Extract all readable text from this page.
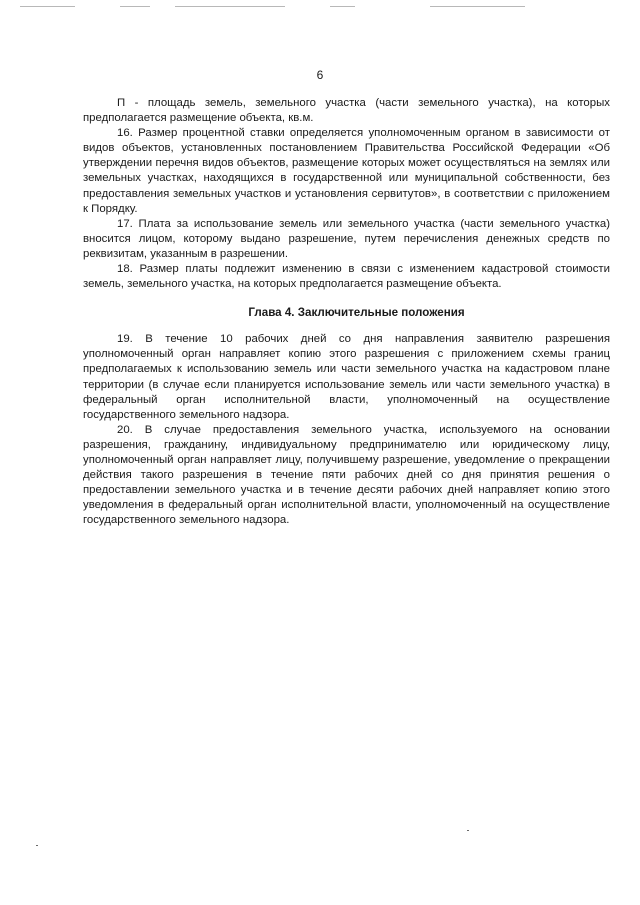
6

П - площадь земель, земельного участка (части земельного участка), на которых предполагается размещение объекта, кв.м.

16. Размер процентной ставки определяется уполномоченным органом в зависимости от видов объектов, установленных постановлением Правительства Российской Федерации «Об утверждении перечня видов объектов, размещение которых может осуществляться на землях или земельных участках, находящихся в государственной или муниципальной собственности, без предоставления земельных участков и установления сервитутов», в соответствии с приложением к Порядку.

17. Плата за использование земель или земельного участка (части земельного участка) вносится лицом, которому выдано разрешение, путем перечисления денежных средств по реквизитам, указанным в разрешении.

18. Размер платы подлежит изменению в связи с изменением кадастровой стоимости земель, земельного участка, на которых предполагается размещение объекта.

Глава 4. Заключительные положения

19. В течение 10 рабочих дней со дня направления заявителю разрешения уполномоченный орган направляет копию этого разрешения с приложением схемы границ предполагаемых к использованию земель или части земельного участка на кадастровом плане территории (в случае если планируется использование земель или части земельного участка) в федеральный орган исполнительной власти, уполномоченный на осуществление государственного земельного надзора.

20. В случае предоставления земельного участка, используемого на основании разрешения, гражданину, индивидуальному предпринимателю или юридическому лицу, уполномоченный орган направляет лицу, получившему разрешение, уведомление о прекращении действия такого разрешения в течение пяти рабочих дней со дня принятия решения о предоставлении земельного участка и в течение десяти рабочих дней направляет копию этого уведомления в федеральный орган исполнительной власти, уполномоченный на осуществление государственного земельного надзора.
